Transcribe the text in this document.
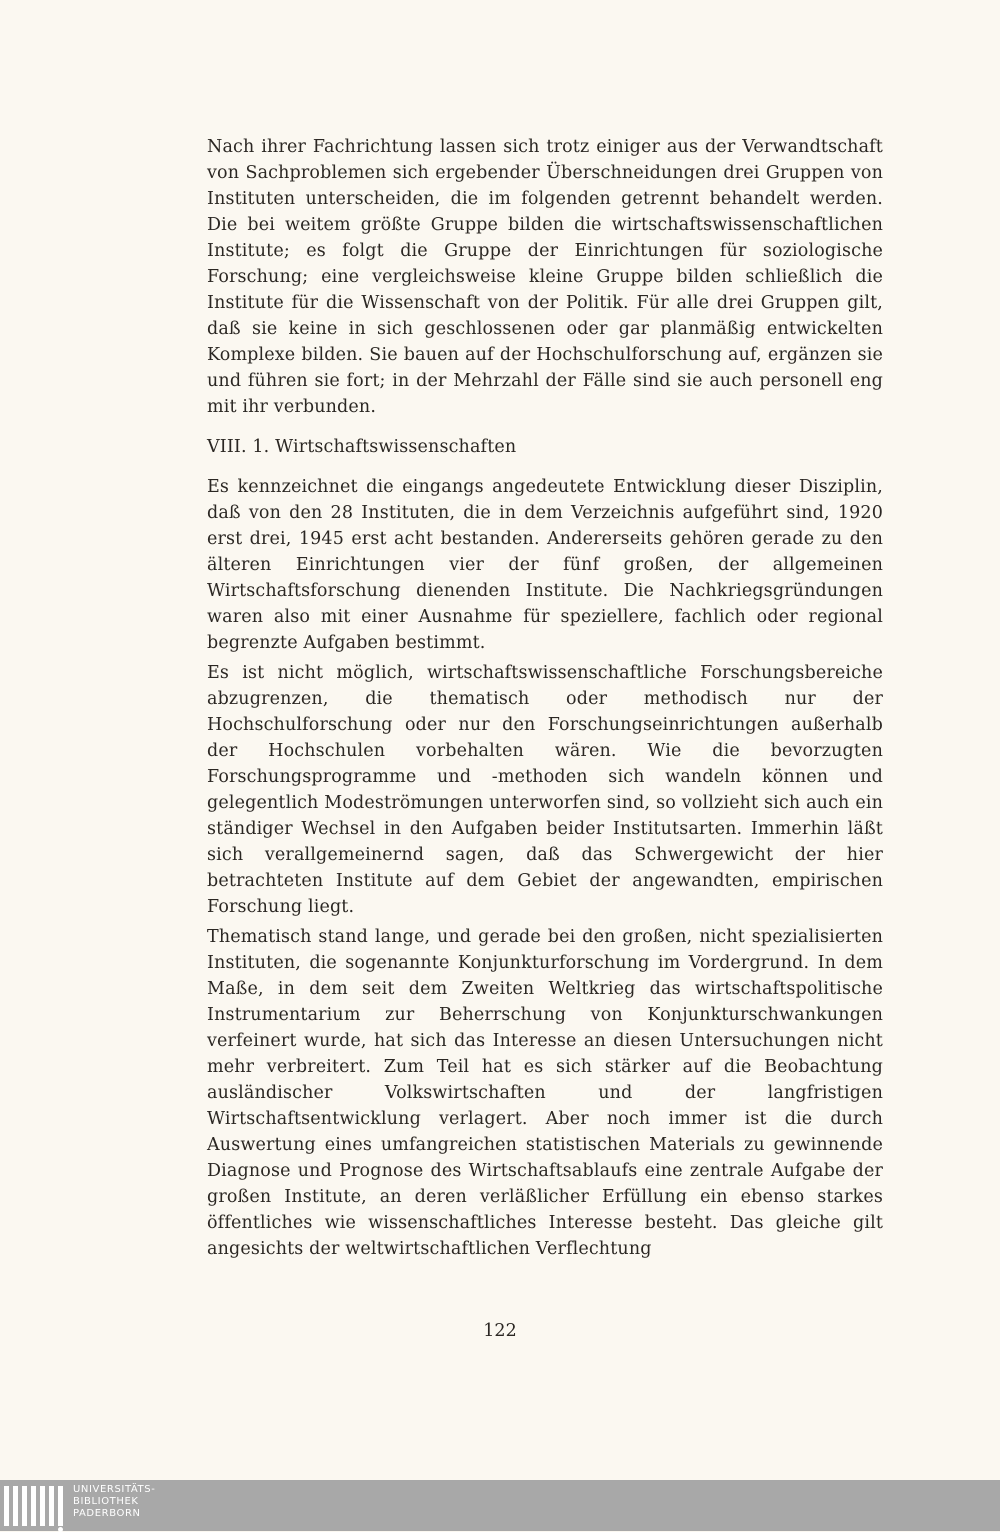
Nach ihrer Fachrichtung lassen sich trotz einiger aus der Verwandtschaft von Sachproblemen sich ergebender Überschneidungen drei Gruppen von Instituten unterscheiden, die im folgenden getrennt behandelt werden. Die bei weitem größte Gruppe bilden die wirtschaftswissenschaftlichen Institute; es folgt die Gruppe der Einrichtungen für soziologische Forschung; eine vergleichsweise kleine Gruppe bilden schließlich die Institute für die Wissenschaft von der Politik. Für alle drei Gruppen gilt, daß sie keine in sich geschlossenen oder gar planmäßig entwickelten Komplexe bilden. Sie bauen auf der Hochschulforschung auf, ergänzen sie und führen sie fort; in der Mehrzahl der Fälle sind sie auch personell eng mit ihr verbunden.

VIII. 1. Wirtschaftswissenschaften

Es kennzeichnet die eingangs angedeutete Entwicklung dieser Disziplin, daß von den 28 Instituten, die in dem Verzeichnis aufgeführt sind, 1920 erst drei, 1945 erst acht bestanden. Andererseits gehören gerade zu den älteren Einrichtungen vier der fünf großen, der allgemeinen Wirtschaftsforschung dienenden Institute. Die Nachkriegsgründungen waren also mit einer Ausnahme für speziellere, fachlich oder regional begrenzte Aufgaben bestimmt.

Es ist nicht möglich, wirtschaftswissenschaftliche Forschungsbereiche abzugrenzen, die thematisch oder methodisch nur der Hochschulforschung oder nur den Forschungseinrichtungen außerhalb der Hochschulen vorbehalten wären. Wie die bevorzugten Forschungsprogramme und -methoden sich wandeln können und gelegentlich Modeströmungen unterworfen sind, so vollzieht sich auch ein ständiger Wechsel in den Aufgaben beider Institutsarten. Immerhin läßt sich verallgemeinernd sagen, daß das Schwergewicht der hier betrachteten Institute auf dem Gebiet der angewandten, empirischen Forschung liegt.

Thematisch stand lange, und gerade bei den großen, nicht spezialisierten Instituten, die sogenannte Konjunkturforschung im Vordergrund. In dem Maße, in dem seit dem Zweiten Weltkrieg das wirtschaftspolitische Instrumentarium zur Beherrschung von Konjunkturschwankungen verfeinert wurde, hat sich das Interesse an diesen Untersuchungen nicht mehr verbreitert. Zum Teil hat es sich stärker auf die Beobachtung ausländischer Volkswirtschaften und der langfristigen Wirtschaftsentwicklung verlagert. Aber noch immer ist die durch Auswertung eines umfangreichen statistischen Materials zu gewinnende Diagnose und Prognose des Wirtschaftsablaufs eine zentrale Aufgabe der großen Institute, an deren verläßlicher Erfüllung ein ebenso starkes öffentliches wie wissenschaftliches Interesse besteht. Das gleiche gilt angesichts der weltwirtschaftlichen Verflechtung

122
UNIVERSITÄTS-
BIBLIOTHEK
PADERBORN
